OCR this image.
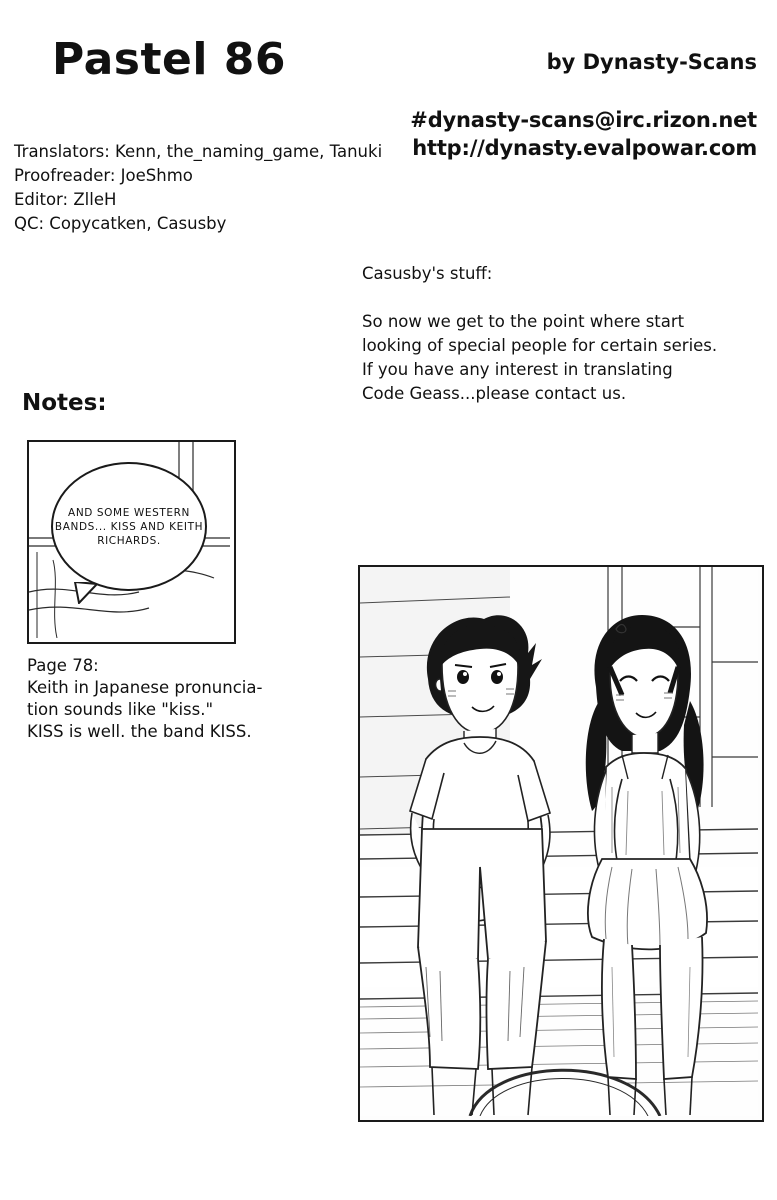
Pastel 86	by Dynasty-Scans
#dynasty-scans@irc.rizon.net
http://dynasty.evalpowar.com
Translators: Kenn, the_naming_game, Tanuki
Proofreader: JoeShmo
Editor: ZlleH
QC: Copycatken, Casusby
Casusby's stuff:
So now we get to the point where start
looking of special people for certain series.
If you have any interest in translating
Code Geass...please contact us.
Notes:
AND SOME WESTERN BANDS... KISS AND KEITH RICHARDS.
Page 78:
Keith in Japanese pronuncia-
tion sounds like "kiss."
KISS is well. the band KISS.
